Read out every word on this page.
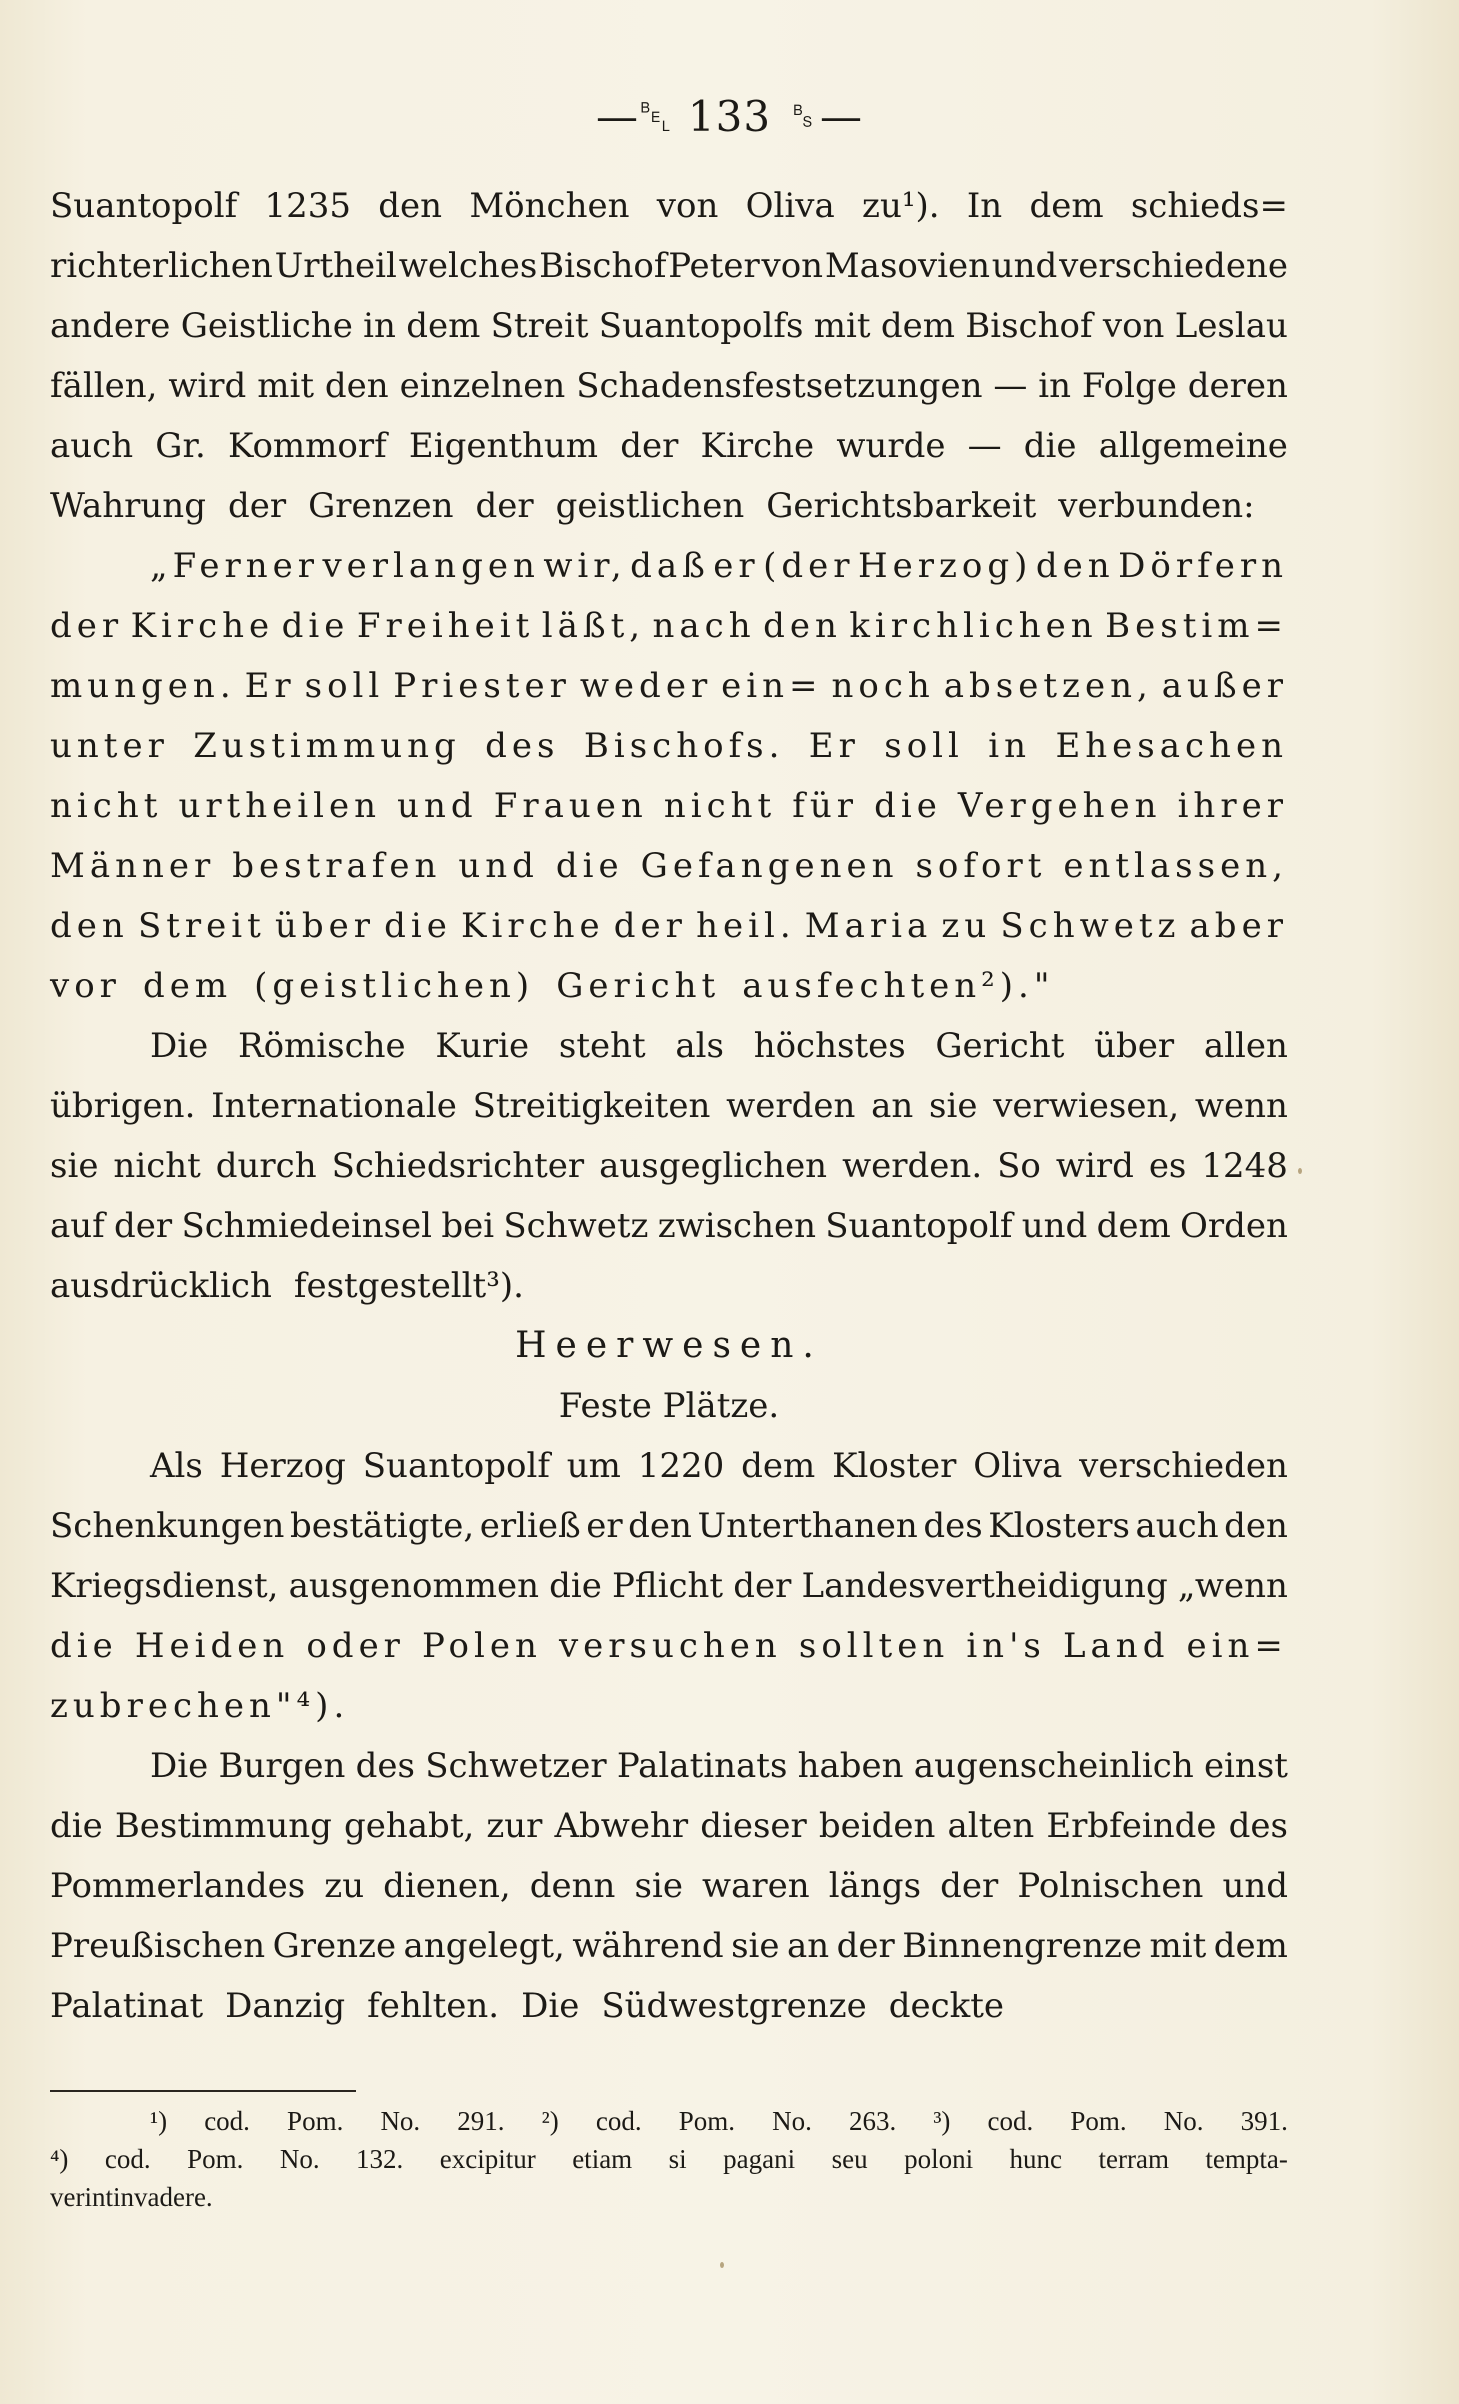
—␇ 133 ␈—
Suantopolf 1235 den Mönchen von Oliva zu¹). In dem schieds=
richterlichen Urtheil welches Bischof Peter von Masovien und verschiedene
andere Geistliche in dem Streit Suantopolfs mit dem Bischof von Leslau
fällen, wird mit den einzelnen Schadensfestsetzungen — in Folge deren
auch Gr. Kommorf Eigenthum der Kirche wurde — die allgemeine
Wahrung der Grenzen der geistlichen Gerichtsbarkeit verbunden:
„Ferner verlangen wir, daß er (der Herzog) den Dörfern
der Kirche die Freiheit läßt, nach den kirchlichen Bestim=
mungen. Er soll Priester weder ein= noch absetzen, außer
unter Zustimmung des Bischofs. Er soll in Ehesachen
nicht urtheilen und Frauen nicht für die Vergehen ihrer
Männer bestrafen und die Gefangenen sofort entlassen,
den Streit über die Kirche der heil. Maria zu Schwetz aber
vor dem (geistlichen) Gericht ausfechten²)."
Die Römische Kurie steht als höchstes Gericht über allen
übrigen. Internationale Streitigkeiten werden an sie verwiesen, wenn
sie nicht durch Schiedsrichter ausgeglichen werden. So wird es 1248
auf der Schmiedeinsel bei Schwetz zwischen Suantopolf und dem Orden
ausdrücklich festgestellt³).
Heerwesen.
Feste Plätze.
Als Herzog Suantopolf um 1220 dem Kloster Oliva verschieden
Schenkungen bestätigte, erließ er den Unterthanen des Klosters auch den
Kriegsdienst, ausgenommen die Pflicht der Landesvertheidigung „wenn
die Heiden oder Polen versuchen sollten in's Land ein=
zubrechen"⁴).
Die Burgen des Schwetzer Palatinats haben augenscheinlich einst
die Bestimmung gehabt, zur Abwehr dieser beiden alten Erbfeinde des
Pommerlandes zu dienen, denn sie waren längs der Polnischen und
Preußischen Grenze angelegt, während sie an der Binnengrenze mit dem
Palatinat Danzig fehlten. Die Südwestgrenze deckte
¹) cod. Pom. No. 291. ²) cod. Pom. No. 263. ³) cod. Pom. No. 391.
⁴) cod. Pom. No. 132. excipitur etiam si pagani seu poloni hunc terram tempta-
verint invadere.
